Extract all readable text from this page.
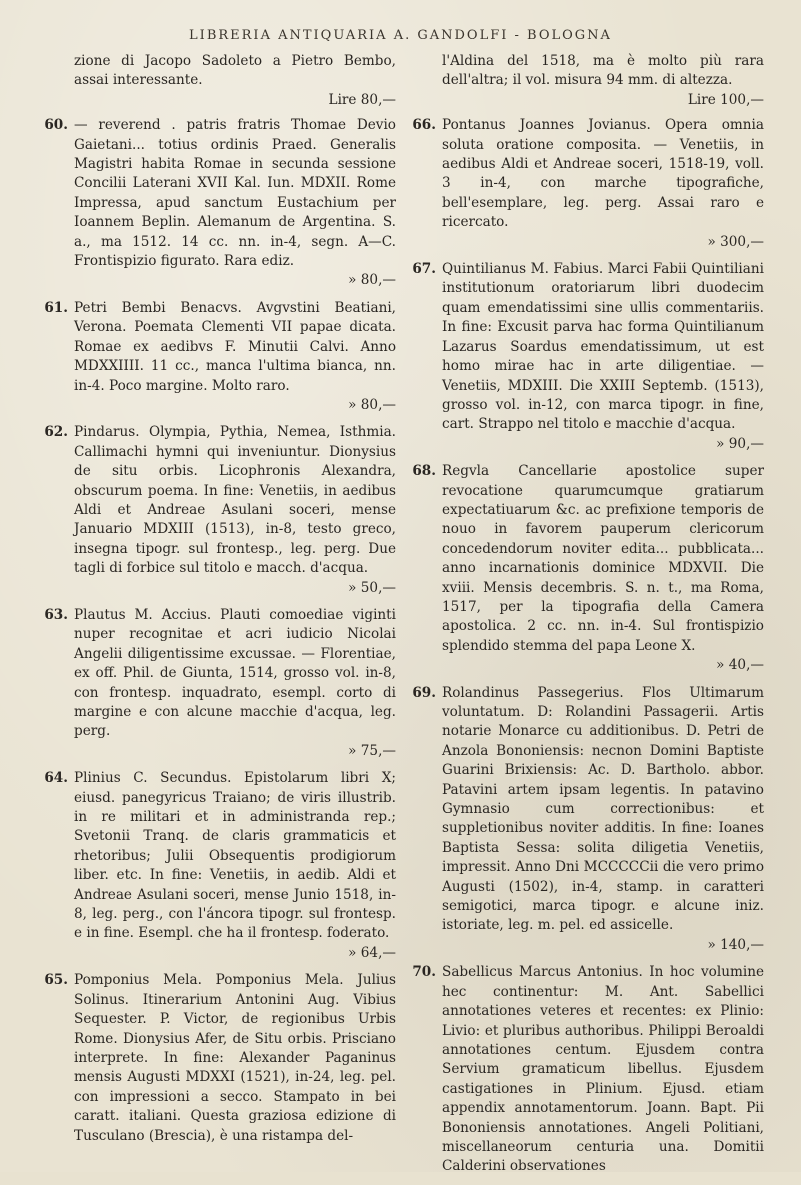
LIBRERIA ANTIQUARIA A. GANDOLFI - BOLOGNA
zione di Jacopo Sadoleto a Pietro Bembo, assai interessante.
Lire 80,—
60. — reverend . patris fratris Thomae Devio Gaietani... totius ordinis Praed. Generalis Magistri habita Romae in secunda sessione Concilii Laterani XVII Kal. Iun. MDXII. Rome Impressa, apud sanctum Eustachium per Ioannem Beplin. Alemanum de Argentina. S. a., ma 1512. 14 cc. nn. in-4, segn. A—C. Frontispizio figurato. Rara ediz.
» 80,—
61. Petri Bembi Benacvs. Avgvstini Beatiani, Verona. Poemata Clementi VII papae dicata. Romae ex aedibvs F. Minutii Calvi. Anno MDXXIIII. 11 cc., manca l'ultima bianca, nn. in-4. Poco margine. Molto raro.
» 80,—
62. Pindarus. Olympia, Pythia, Nemea, Isthmia. Callimachi hymni qui inveniuntur. Dionysius de situ orbis. Licophronis Alexandra, obscurum poema. In fine: Venetiis, in aedibus Aldi et Andreae Asulani soceri, mense Januario MDXIII (1513), in-8, testo greco, insegna tipogr. sul frontesp., leg. perg. Due tagli di forbice sul titolo e macch. d'acqua.
» 50,—
63. Plautus M. Accius. Plauti comoediae viginti nuper recognitae et acri iudicio Nicolai Angelii diligentissime excussae. — Florentiae, ex off. Phil. de Giunta, 1514, grosso vol. in-8, con frontesp. inquadrato, esempl. corto di margine e con alcune macchie d'acqua, leg. perg.
» 75,—
64. Plinius C. Secundus. Epistolarum libri X; eiusd. panegyricus Traiano; de viris illustrib. in re militari et in administranda rep.; Svetonii Tranq. de claris grammaticis et rhetoribus; Julii Obsequentis prodigiorum liber. etc. In fine: Venetiis, in aedib. Aldi et Andreae Asulani soceri, mense Junio 1518, in-8, leg. perg., con l'áncora tipogr. sul frontesp. e in fine. Esempl. che ha il frontesp. foderato.
» 64,—
65. Pomponius Mela. Pomponius Mela. Julius Solinus. Itinerarium Antonini Aug. Vibius Sequester. P. Victor, de regionibus Urbis Rome. Dionysius Afer, de Situ orbis. Prisciano interprete. In fine: Alexander Paganinus mensis Augusti MDXXI (1521), in-24, leg. pel. con impressioni a secco. Stampato in bei caratt. italiani. Questa graziosa edizione di Tusculano (Brescia), è una ristampa del-
l'Aldina del 1518, ma è molto più rara dell'altra; il vol. misura 94 mm. di altezza.
Lire 100,—
66. Pontanus Joannes Jovianus. Opera omnia soluta oratione composita. — Venetiis, in aedibus Aldi et Andreae soceri, 1518-19, voll. 3 in-4, con marche tipografiche, bell'esemplare, leg. perg. Assai raro e ricercato.
» 300,—
67. Quintilianus M. Fabius. Marci Fabii Quintiliani institutionum oratoriarum libri duodecim quam emendatissimi sine ullis commentariis. In fine: Excusit parva hac forma Quintilianum Lazarus Soardus emendatissimum, ut est homo mirae hac in arte diligentiae. — Venetiis, MDXIII. Die XXIII Septemb. (1513), grosso vol. in-12, con marca tipogr. in fine, cart. Strappo nel titolo e macchie d'acqua.
» 90,—
68. Regvla Cancellarie apostolice super revocatione quarumcumque gratiarum expectatiuarum &c. ac prefixione temporis de nouo in favorem pauperum clericorum concedendorum noviter edita... pubblicata... anno incarnationis dominice MDXVII. Die xviii. Mensis decembris. S. n. t., ma Roma, 1517, per la tipografia della Camera apostolica. 2 cc. nn. in-4. Sul frontispizio splendido stemma del papa Leone X.
» 40,—
69. Rolandinus Passegerius. Flos Ultimarum voluntatum. D: Rolandini Passagerii. Artis notarie Monarce cu additionibus. D. Petri de Anzola Bononiensis: necnon Domini Baptiste Guarini Brixiensis: Ac. D. Bartholo. abbor. Patavini artem ipsam legentis. In patavino Gymnasio cum correctionibus: et suppletionibus noviter additis. In fine: Ioanes Baptista Sessa: solita diligetia Venetiis, impressit. Anno Dni MCCCCCii die vero primo Augusti (1502), in-4, stamp. in caratteri semigotici, marca tipogr. e alcune iniz. istoriate, leg. m. pel. ed assicelle.
» 140,—
70. Sabellicus Marcus Antonius. In hoc volumine hec continentur: M. Ant. Sabellici annotationes veteres et recentes: ex Plinio: Livio: et pluribus authoribus. Philippi Beroaldi annotationes centum. Ejusdem contra Servium gramaticum libellus. Ejusdem castigationes in Plinium. Ejusd. etiam appendix annotamentorum. Joann. Bapt. Pii Bononiensis annotationes. Angeli Politiani, miscellaneorum centuria una. Domitii Calderini observationes
